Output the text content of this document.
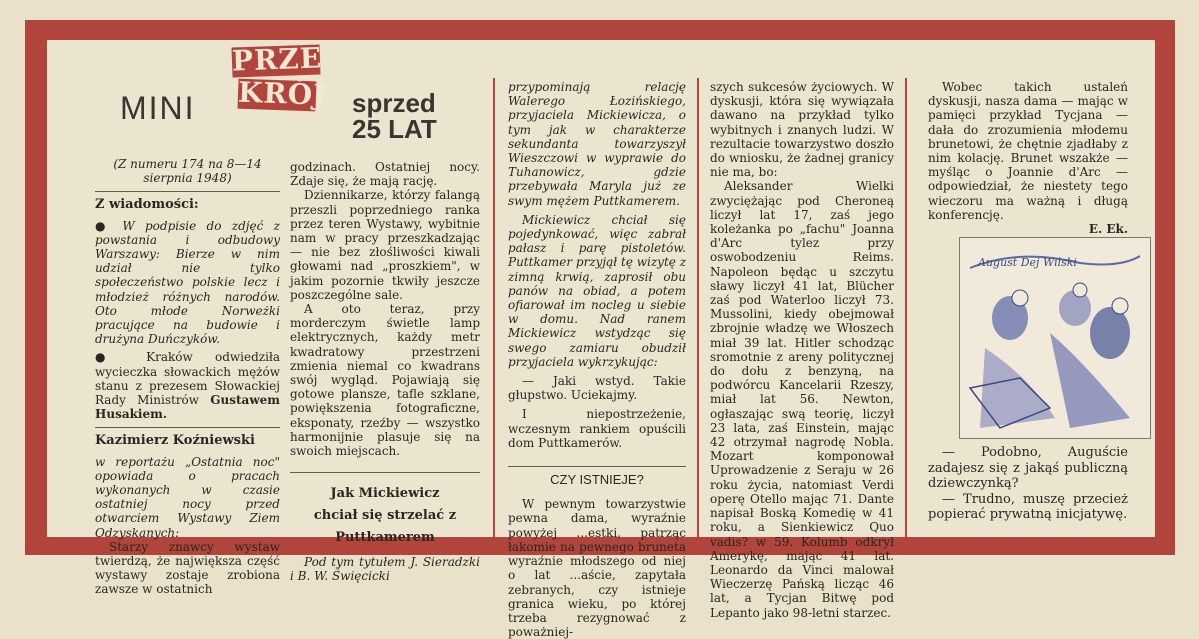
MINI
PRZE
KRÓJ sprzed
25 LAT

(Z numeru 174 na 8—14 sierpnia 1948)

Z wiadomości:

● W podpisie do zdjęć z powstania i odbudowy Warszawy: Bierze w nim udział nie tylko społeczeństwo polskie lecz i młodzież różnych narodów. Oto młode Norweżki pracujące na budowie i drużyna Duńczyków.

● Kraków odwiedziła wycieczka słowackich mężów stanu z prezesem Słowackiej Rady Ministrów Gustawem Husakiem.

Kazimierz Koźniewski

w reportażu „Ostatnia noc" opowiada o pracach wykonanych w czasie ostatniej nocy przed otwarciem Wystawy Ziem Odzyskanych:

Starzy znawcy wystaw twierdzą, że największa część wystawy zostaje zrobiona zawsze w ostatnich

godzinach. Ostatniej nocy. Zdaje się, że mają rację.

Dziennikarze, którzy falangą przeszli poprzedniego ranka przez teren Wystawy, wybitnie nam w pracy przeszkadzając — nie bez złośliwości kiwali głowami nad „proszkiem", w jakim pozornie tkwiły jeszcze poszczególne sale.

A oto teraz, przy morderczym świetle lamp elektrycznych, każdy metr kwadratowy przestrzeni zmienia niemal co kwadrans swój wygląd. Pojawiają się gotowe plansze, tafle szklane, powiększenia fotograficzne, eksponaty, rzeźby — wszystko harmonijnie plasuje się na swoich miejscach.

Jak Mickiewicz chciał się strzelać z Puttkamerem

Pod tym tytułem J. Sieradzki i B. W. Święcicki

przypominają relację Walerego Łozińskiego, przyjaciela Mickiewicza, o tym jak w charakterze sekundanta towarzyszył Wieszczowi w wyprawie do Tuhanowicz, gdzie przebywała Maryla już ze swym mężem Puttkamerem.

Mickiewicz chciał się pojedynkować, więc zabrał pałasz i parę pistoletów. Puttkamer przyjął tę wizytę z zimną krwią, zaprosił obu panów na obiad, a potem ofiarował im nocleg u siebie w domu. Nad ranem Mickiewicz wstydząc się swego zamiaru obudził przyjaciela wykrzykując:

— Jaki wstyd. Takie głupstwo. Uciekajmy.

I niepostrzeżenie, wczesnym rankiem opuścili dom Puttkamerów.

CZY ISTNIEJE?

W pewnym towarzystwie pewna dama, wyraźnie powyżej ...estki, patrząc łakomie na pewnego bruneta wyraźnie młodszego od niej o lat ...aście, zapytała zebranych, czy istnieje granica wieku, po której trzeba rezygnować z poważniej-

szych sukcesów życiowych. W dyskusji, która się wywiązała dawano na przykład tylko wybitnych i znanych ludzi. W rezultacie towarzystwo doszło do wniosku, że żadnej granicy nie ma, bo:

Aleksander Wielki zwyciężając pod Cheroneą liczył lat 17, zaś jego koleżanka po „fachu" Joanna d'Arc tylez przy oswobodzeniu Reims. Napoleon będąc u szczytu sławy liczył 41 lat, Blücher zaś pod Waterloo liczył 73. Mussolini, kiedy obejmował zbrojnie władzę we Włoszech miał 39 lat. Hitler schodząc sromotnie z areny politycznej do dołu z benzyną, na podwórcu Kancelarii Rzeszy, miał lat 56. Newton, ogłaszając swą teorię, liczył 23 lata, zaś Einstein, mając 42 otrzymał nagrodę Nobla. Mozart komponował Uprowadzenie z Seraju w 26 roku życia, natomiast Verdi operę Otello mając 71. Dante napisał Boską Komedię w 41 roku, a Sienkiewicz Quo vadis? w 59. Kolumb odkrył Amerykę, mając 41 lat. Leonardo da Vinci malował Wieczerzę Pańską licząc 46 lat, a Tycjan Bitwę pod Lepanto jako 98-letni starzec.

Wobec takich ustaleń dyskusji, nasza dama — mając w pamięci przykład Tycjana — dała do zrozumienia młodemu brunetowi, że chętnie zjadłaby z nim kolację. Brunet wszakże — myśląc o Joannie d'Arc — odpowiedział, że niestety tego wieczoru ma ważną i długą konferencję.

E. Ek.

August Dej Wilski

— Podobno, Auguście zadajesz się z jakąś publiczną dziewczynką?

— Trudno, muszę przecież popierać prywatną inicjatywę.
